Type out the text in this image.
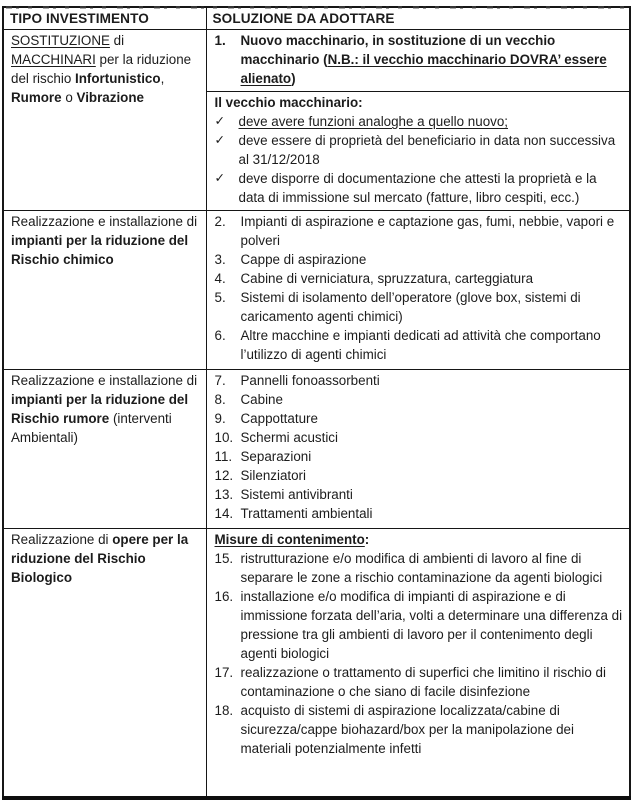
TIPO INVESTIMENTO	SOLUZIONE DA ADOTTARE
SOSTITUZIONE di MACCHINARI per la riduzione del rischio Infortunistico, Rumore o Vibrazione	
1.	Nuovo macchinario, in sostituzione di un vecchio macchinario (N.B.: il vecchio macchinario DOVRA’ essere alienato)
Il vecchio macchinario:
✓	deve avere funzioni analoghe a quello nuovo;
✓	deve essere di proprietà del beneficiario in data non successiva al 31/12/2018
✓	deve disporre di documentazione che attesti la proprietà e la data di immissione sul mercato (fatture, libro cespiti, ecc.)

Realizzazione e installazione di impianti per la riduzione del Rischio chimico	
2.	Impianti di aspirazione e captazione gas, fumi, nebbie, vapori e polveri
3.	Cappe di aspirazione
4.	Cabine di verniciatura, spruzzatura, carteggiatura
5.	Sistemi di isolamento dell’operatore (glove box, sistemi di caricamento agenti chimici)
6.	Altre macchine e impianti dedicati ad attività che comportano l’utilizzo di agenti chimici

Realizzazione e installazione di impianti per la riduzione del Rischio rumore (interventi Ambientali)	
7.	Pannelli fonoassorbenti
8.	Cabine
9.	Cappottature
10. Schermi acustici
11. Separazioni
12. Silenziatori
13. Sistemi antivibranti
14. Trattamenti ambientali

Realizzazione di opere per la riduzione del Rischio Biologico	
Misure di contenimento:
15. ristrutturazione e/o modifica di ambienti di lavoro al fine di separare le zone a rischio contaminazione da agenti biologici
16. installazione e/o modifica di impianti di aspirazione e di immissione forzata dell’aria, volti a determinare una differenza di pressione tra gli ambienti di lavoro per il contenimento degli agenti biologici
17. realizzazione o trattamento di superfici che limitino il rischio di contaminazione o che siano di facile disinfezione
18. acquisto di sistemi di aspirazione localizzata/cabine di sicurezza/cappe biohazard/box per la manipolazione dei materiali potenzialmente infetti
